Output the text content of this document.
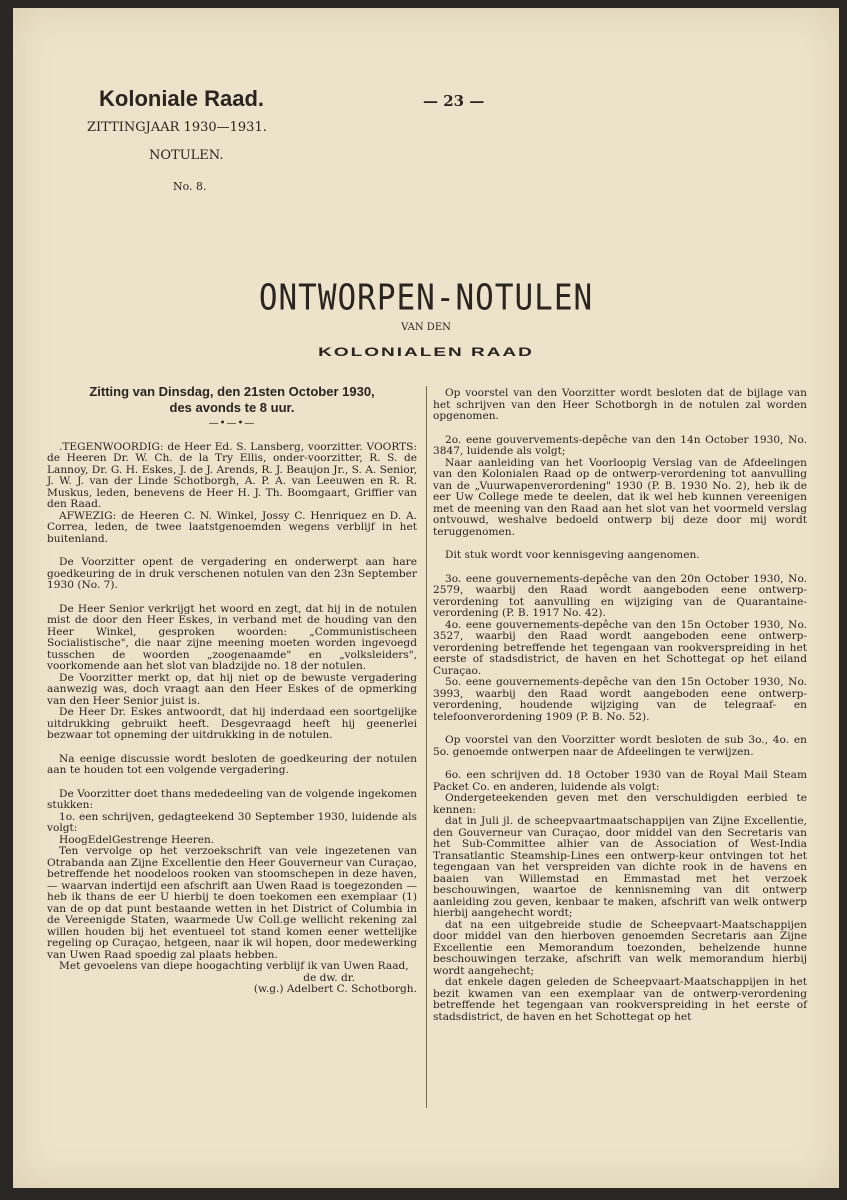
Koloniale Raad.
ZITTINGJAAR 1930—1931.
NOTULEN.
No. 8.
— 23 —
ONTWORPEN-NOTULEN
VAN DEN
KOLONIALEN RAAD

Zitting van Dinsdag, den 21sten October 1930,

des avonds te 8 uur.

—•—•—

.TEGENWOORDIG: de Heer Ed. S. Lansberg, voorzitter. VOORTS: de Heeren Dr. W. Ch. de la Try Ellis, onder-voorzitter, R. S. de Lannoy, Dr. G. H. Eskes, J. de J. Arends, R. J. Beaujon Jr., S. A. Senior, J. W. J. van der Linde Schotborgh, A. P. A. van Leeuwen en R. R. Muskus, leden, benevens de Heer H. J. Th. Boomgaart, Griffier van den Raad.

AFWEZIG: de Heeren C. N. Winkel, Jossy C. Henriquez en D. A. Correa, leden, de twee laatstgenoemden wegens verblijf in het buitenland.

De Voorzitter opent de vergadering en onderwerpt aan hare goedkeuring de in druk verschenen notulen van den 23n September 1930 (No. 7).

De Heer Senior verkrijgt het woord en zegt, dat hij in de notulen mist de door den Heer Eskes, in verband met de houding van den Heer Winkel, gesproken woorden: „Communistischeen Socialistische", die naar zijne meening moeten worden ingevoegd tusschen de woorden „zoogenaamde" en „volksleiders", voorkomende aan het slot van bladzijde no. 18 der notulen.

De Voorzitter merkt op, dat hij niet op de bewuste vergadering aanwezig was, doch vraagt aan den Heer Eskes of de opmerking van den Heer Senior juist is.

De Heer Dr. Eskes antwoordt, dat hij inderdaad een soortgelijke uitdrukking gebruikt heeft. Desgevraagd heeft hij geenerlei bezwaar tot opneming der uitdrukking in de notulen.

Na eenige discussie wordt besloten de goedkeuring der notulen aan te houden tot een volgende vergadering.

De Voorzitter doet thans mededeeling van de volgende ingekomen stukken:

1o. een schrijven, gedagteekend 30 September 1930, luidende als volgt:

HoogEdelGestrenge Heeren.

Ten vervolge op het verzoekschrift van vele ingezetenen van Otrabanda aan Zijne Excellentie den Heer Gouverneur van Curaçao, betreffende het noodeloos rooken van stoomschepen in deze haven, — waarvan indertijd een afschrift aan Uwen Raad is toegezonden — heb ik thans de eer U hierbij te doen toekomen een exemplaar (1) van de op dat punt bestaande wetten in het District of Columbia in de Vereenigde Staten, waarmede Uw Coll.ge wellicht rekening zal willen houden bij het eventueel tot stand komen eener wettelijke regeling op Curaçao, hetgeen, naar ik wil hopen, door medewerking van Uwen Raad spoedig zal plaats hebben.

Met gevoelens van diepe hoogachting verblijf ik van Uwen Raad,

de dw. dr.

(w.g.) Adelbert C. Schotborgh.

Op voorstel van den Voorzitter wordt besloten dat de bijlage van het schrijven van den Heer Schotborgh in de notulen zal worden opgenomen.

2o. eene gouvervements-depêche van den 14n October 1930, No. 3847, luidende als volgt;

Naar aanleiding van het Voorloopig Verslag van de Afdeelingen van den Kolonialen Raad op de ontwerp-verordening tot aanvulling van de „Vuurwapenverordening" 1930 (P. B. 1930 No. 2), heb ik de eer Uw College mede te deelen, dat ik wel heb kunnen vereenigen met de meening van den Raad aan het slot van het voormeld verslag ontvouwd, weshalve bedoeld ontwerp bij deze door mij wordt teruggenomen.

Dit stuk wordt voor kennisgeving aangenomen.

3o. eene gouvernements-depêche van den 20n October 1930, No. 2579, waarbij den Raad wordt aangeboden eene ontwerp-verordening tot aanvulling en wijziging van de Quarantaine-verordening (P. B. 1917 No. 42).

4o. eene gouvernements-depêche van den 15n October 1930, No. 3527, waarbij den Raad wordt aangeboden eene ontwerp-verordening betreffende het tegengaan van rookverspreiding in het eerste of stadsdistrict, de haven en het Schottegat op het eiland Curaçao.

5o. eene gouvernements-depêche van den 15n October 1930, No. 3993, waarbij den Raad wordt aangeboden eene ontwerp-verordening, houdende wijziging van de telegraaf- en telefoonverordening 1909 (P. B. No. 52).

Op voorstel van den Voorzitter wordt besloten de sub 3o., 4o. en 5o. genoemde ontwerpen naar de Afdeelingen te verwijzen.

6o. een schrijven dd. 18 October 1930 van de Royal Mail Steam Packet Co. en anderen, luidende als volgt:

Ondergeteekenden geven met den verschuldigden eerbied te kennen:

dat in Juli jl. de scheepvaartmaatschappijen van Zijne Excellentie, den Gouverneur van Curaçao, door middel van den Secretaris van het Sub-Committee alhier van de Association of West-India Transatlantic Steamship-Lines een ontwerp-keur ontvingen tot het tegengaan van het verspreiden van dichte rook in de havens en baaien van Willemstad en Emmastad met het verzoek beschouwingen, waartoe de kennisneming van dit ontwerp aanleiding zou geven, kenbaar te maken, afschrift van welk ontwerp hierbij aangehecht wordt;

dat na een uitgebreide studie de Scheepvaart-Maatschappijen door middel van den hierboven genoemden Secretaris aan Zijne Excellentie een Memorandum toezonden, behelzende hunne beschouwingen terzake, afschrift van welk memorandum hierbij wordt aangehecht;

dat enkele dagen geleden de Scheepvaart-Maatschappijen in het bezit kwamen van een exemplaar van de ontwerp-verordening betreffende het tegengaan van rookverspreiding in het eerste of stadsdistrict, de haven en het Schottegat op het
